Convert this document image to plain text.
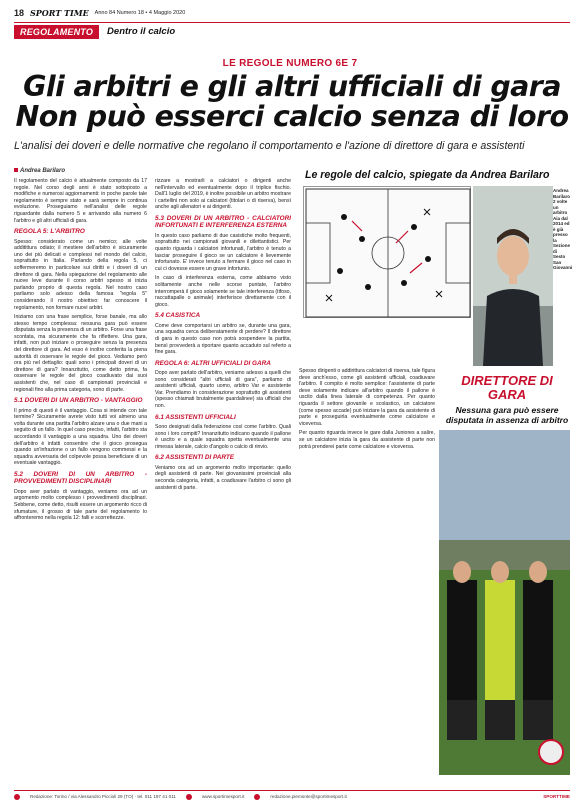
18 SPORT TIME Anno 84 Numero 18 • 4 Maggio 2020
REGOLAMENTO	Dentro il calcio
LE REGOLE NUMERO 6E 7
Gli arbitri e gli altri ufficiali di gara
Non può esserci calcio senza di loro
L'analisi dei doveri e delle normative che regolano il comportamento e l'azione di direttore di gara e assistenti
Andrea Barilaro

Il regolamento del calcio è attualmente composto da 17 regole. Nel corso degli anni è stato sottoposto a modifiche e numerosi aggiornamenti: in poche parole tale regolamento è sempre stato e sarà sempre in continua evoluzione. Proseguiamo nell'analisi delle regole riguardante dalla numero 5 e arrivando alla numero 6 l'arbitro e gli altri ufficiali di gara.

REGOLA 5: L'ARBITRO

Spesso: considerato come un nemico; alle volte additittura odiato; il mestiere dell'arbitro è sicuramente uno dei più delicati e complessi nel mondo del calcio, soprattutto in Italia. Parlando della regola 5, ci soffermeremo in particolare sui diritti e i doveri di un direttore di gara. Nella spiegazione del regolamento alle nuove leve durante il corso arbitri spesso si inizia parlando proprio di questa regola. Nel nostro caso parliamo solo adesso della famosa "regola 5" considerando il nostro obiettivo: far conoscere il regolamento, non formare nuovi arbitri.

Iniziamo con una frase semplice, forse banale, ma allo stesso tempo complessa: nessuna gara può essere disputata senza la presenza di un arbitro. Forse una frase scontata, ma sicuramente che fa riflettere. Una gara, infatti, non può iniziare o proseguire senza la presenza del direttore di gara. Ad esso è inoltre conferita la piena autorità di osservare le regole del gioco. Vediamo però ora più nel dettaglio: quali sono i principali doveri di un direttore di gara? Innanzitutto, come detto prima, fa osservare le regole del gioco coadiuvato dai suoi assistenti che, nel caso di campionati provinciali e regionali fino alla prima categoria, sono di parte.

5.1 DOVERI DI UN ARBITRO - VANTAGGIO

Il primo di questi è il vantaggio. Cosa si intende con tale termine? Sicuramente avrete visto tutti voi almeno una volta durante una partita l'arbitro alzare una o due mani a seguito di un fallo. In quel caso preciso, infatti, l'arbitro sta accordando il vantaggio a una squadra. Uno dei doveri dell'arbitro è infatti consentire che il gioco prosegua quando un'infrazione o un fallo vengono commessi e la squadra avversaria del colpevole possa beneficiare di un eventuale vantaggio.

5.2 DOVERI DI UN ARBITRO - PROVVEDIMENTI DISCIPLINARI

Dopo aver parlato di vantaggio, veniamo ora ad un argomento molto complesso i provvedimenti disciplinari. Sebbene, come detto, risulti essere un argomento ricco di sfumature, il grosso di tale parte del regolamento lo affronteremo nella regola 12: falli e scorrettezze.

rizzare a mostrarli a calciatori o dirigenti anche nell'intervallo ed eventualmente dopo il triplice fischio. Dall'1 luglio del 2019, è inoltre possibile un arbitro mostrare i cartellini non solo ai calciatori (titolari o di riserva), bensì anche agli allenatori e ai dirigenti.

5.3 DOVERI DI UN ARBITRO - CALCIATORI INFORTUNATI E INTERFERENZA ESTERNA

In questo caso parliamo di due casistiche molto frequenti, soprattutto nei campionati giovanili e dilettantistici. Per quanto riguarda i calciatori infortunati, l'arbitro è tenuto a lasciar proseguire il gioco se un calciatore è lievemente infortunato. E' invece tenuto a fermare il gioco nel caso in cui ci dovesse essere un grave infortunio.

In caso di interferenza esterna, come abbiamo visto solitamente anche nelle scorse puntate, l'arbitro interromperà il gioco solamente se tale interferenza (tifoso, raccattapalle o animale) interferisce direttamente con il gioco.

5.4 CASISTICA

Come deve comportarsi un arbitro se, durante una gara, una squadra cerca deliberatamente di perdere? Il direttore di gara in questo caso non potrà sospendere la partita, bensì provvederà a riportare quanto accaduto sul referto a fine gara.

REGOLA 6: ALTRI UFFICIALI DI GARA

Dopo aver parlato dell'arbitro, veniamo adesso a quelli che sono considerati "altri ufficiali di gara", parliamo di assistenti ufficiali, quarto uomo, arbitro Var e assistente Var. Prendiamo in considerazione soprattutto gli assistenti (spesso chiamati brutalmente guardalinee) sia ufficiali che non.

6.1 ASSISTENTI UFFICIALI

Sono designati dalla federazione così come l'arbitro. Quali sono i loro compiti? Innanzitutto indicano quando il pallone è uscito e a quale squadra spetta eventualmente una rimessa laterale, calcio d'angolo o calcio di rinvio.

6.2 ASSISTENTI DI PARTE

Veniamo ora ad un argomento molto importante: quello degli assistenti di parte. Nei giovanissimi provinciali alla seconda categoria, infatti, a coadiuvare l'arbitro ci sono gli assistenti di parte.

Le regole del calcio, spiegate da Andrea Barilaro
Andrea Barilaro 2 volte un arbitro Aia dal 2014 ed è già presso la Sezione di Sesto San Giovanni

Spesso dirigenti o addirittura calciatori di riserva, tale figura deve anch'esso, come gli assistenti ufficiali, coadiuvare l'arbitro. Il compito è molto semplice: l'assistente di parte deve solamente indicare all'arbitro quando il pallone è uscito dalla linea laterale di competenza. Per quanto riguarda il settore giovanile e scolastico, un calciatore (come spesso accade) può iniziare la gara da assistente di parte e proseguirla eventualmente come calciatore e viceversa.

Per quanto riguarda invece le gare dalla Juniores a salire, se un calciatore inizia la gara da assistente di parte non potrà prenderei parte come calciatore e viceversa.

DIRETTORE DI GARA
Nessuna gara può essere disputata in assenza di arbitro
Redazione: Torino / via Alessandro Piccioli 29 (TO) · tel. 011 197 41 011	www.sportimesport.it	redazione.piemonte@sportimesport.it	SPORTTIME
